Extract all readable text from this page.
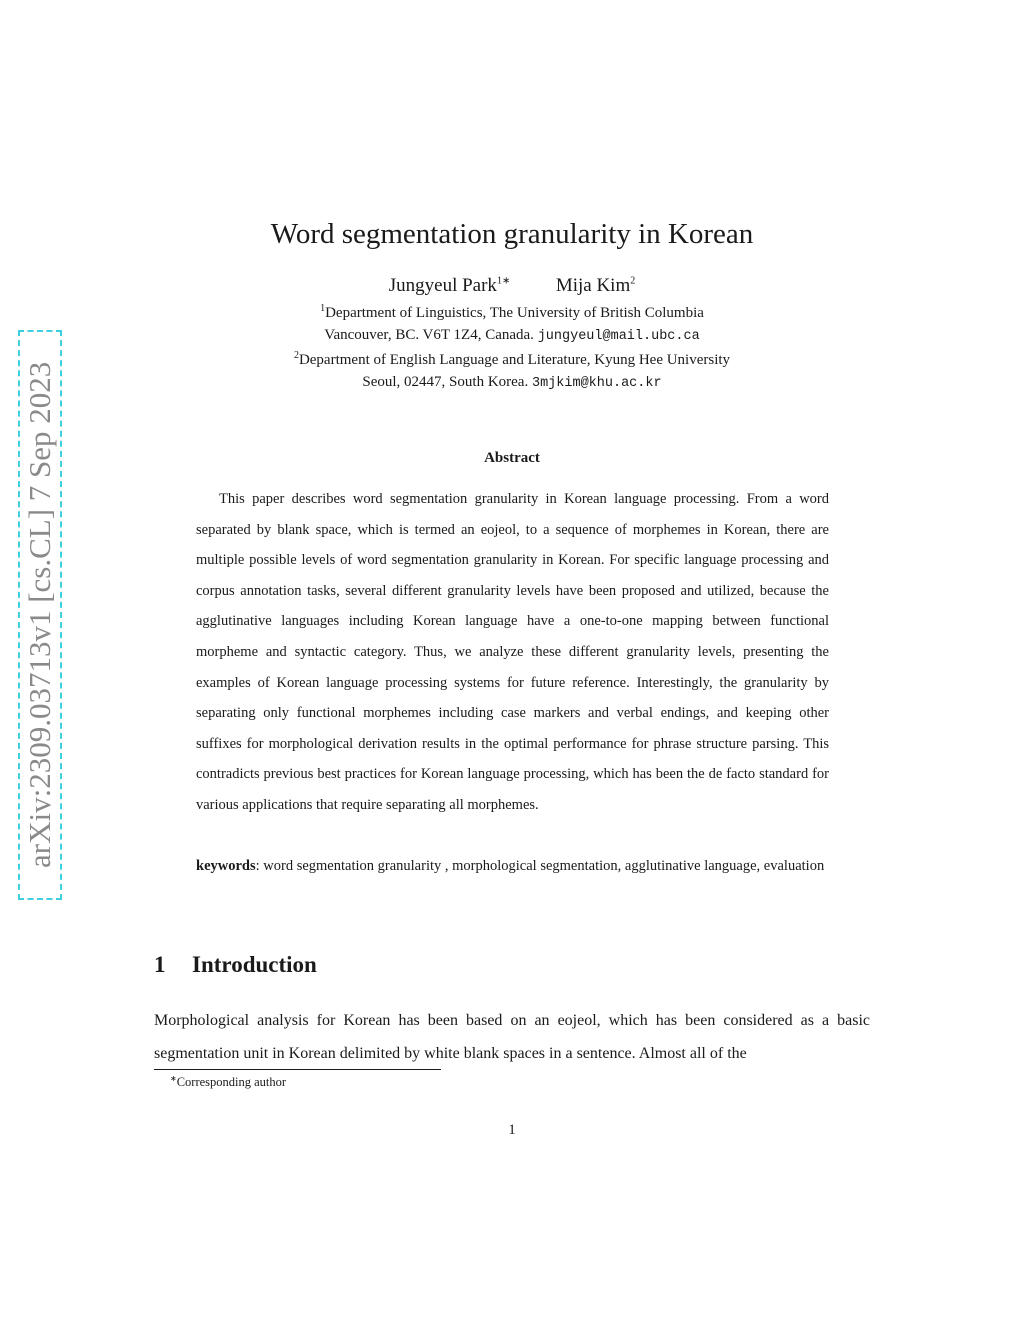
arXiv:2309.03713v1 [cs.CL] 7 Sep 2023
Word segmentation granularity in Korean
Jungyeul Park$^{1∗}$ Mija Kim$^2$
$^1$Department of Linguistics, The University of British Columbia
Vancouver, BC. V6T 1Z4, Canada. jungyeul@mail.ubc.ca
$^2$Department of English Language and Literature, Kyung Hee University
Seoul, 02447, South Korea. 3mjkim@khu.ac.kr
Abstract
This paper describes word segmentation granularity in Korean language processing. From a word separated by blank space, which is termed an eojeol, to a sequence of morphemes in Korean, there are multiple possible levels of word segmentation granularity in Korean. For specific language processing and corpus annotation tasks, several different granularity levels have been proposed and utilized, because the agglutinative languages including Korean language have a one-to-one mapping between functional morpheme and syntactic category. Thus, we analyze these different granularity levels, presenting the examples of Korean language processing systems for future reference. Interestingly, the granularity by separating only functional morphemes including case markers and verbal endings, and keeping other suffixes for morphological derivation results in the optimal performance for phrase structure parsing. This contradicts previous best practices for Korean language processing, which has been the de facto standard for various applications that require separating all morphemes.
keywords: word segmentation granularity , morphological segmentation, agglutinative language, evaluation
1 Introduction
Morphological analysis for Korean has been based on an eojeol, which has been considered as a basic segmentation unit in Korean delimited by white blank spaces in a sentence. Almost all of the
∗Corresponding author
1
